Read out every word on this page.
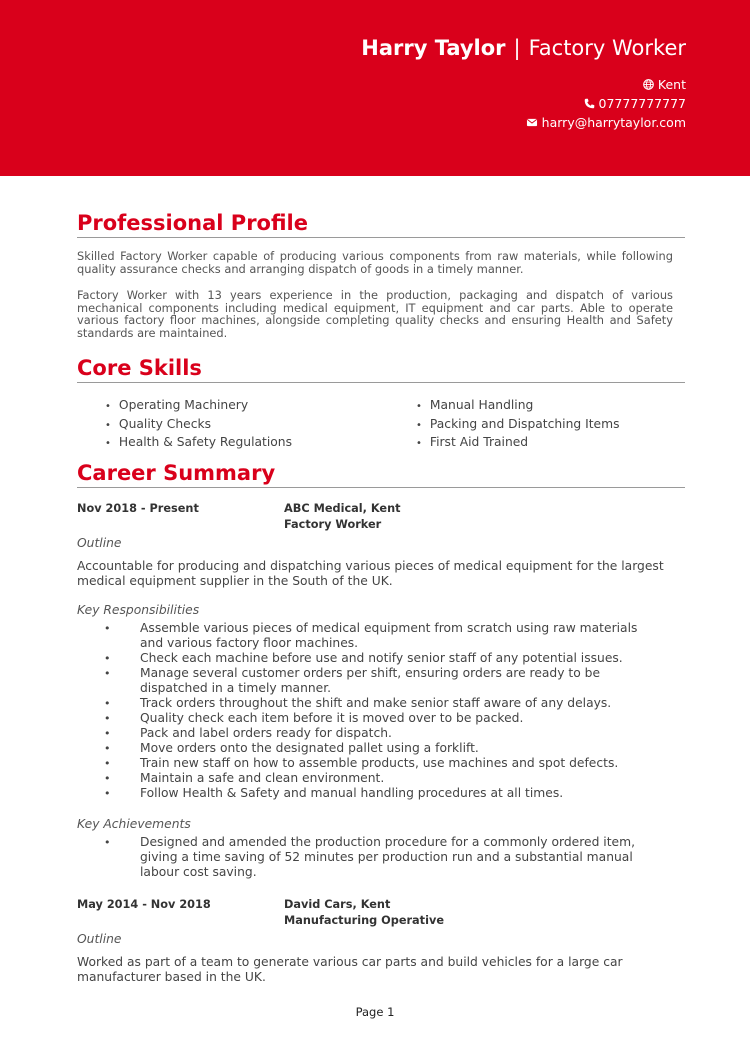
Harry Taylor | Factory Worker
Kent
07777777777
harry@harrytaylor.com
Professional Profile
Skilled Factory Worker capable of producing various components from raw materials, while following quality assurance checks and arranging dispatch of goods in a timely manner.
Factory Worker with 13 years experience in the production, packaging and dispatch of various mechanical components including medical equipment, IT equipment and car parts. Able to operate various factory floor machines, alongside completing quality checks and ensuring Health and Safety standards are maintained.
Core Skills
• Operating Machinery
• Quality Checks
• Health & Safety Regulations
• Manual Handling
• Packing and Dispatching Items
• First Aid Trained
Career Summary
Nov 2018 - Present	ABC Medical, Kent
Factory Worker
Outline
Accountable for producing and dispatching various pieces of medical equipment for the largest medical equipment supplier in the South of the UK.
Key Responsibilities
• Assemble various pieces of medical equipment from scratch using raw materials and various factory floor machines.
• Check each machine before use and notify senior staff of any potential issues.
• Manage several customer orders per shift, ensuring orders are ready to be dispatched in a timely manner.
• Track orders throughout the shift and make senior staff aware of any delays.
• Quality check each item before it is moved over to be packed.
• Pack and label orders ready for dispatch.
• Move orders onto the designated pallet using a forklift.
• Train new staff on how to assemble products, use machines and spot defects.
• Maintain a safe and clean environment.
• Follow Health & Safety and manual handling procedures at all times.
Key Achievements
• Designed and amended the production procedure for a commonly ordered item, giving a time saving of 52 minutes per production run and a substantial manual labour cost saving.
May 2014 - Nov 2018	David Cars, Kent
Manufacturing Operative
Outline
Worked as part of a team to generate various car parts and build vehicles for a large car manufacturer based in the UK.
Page 1
